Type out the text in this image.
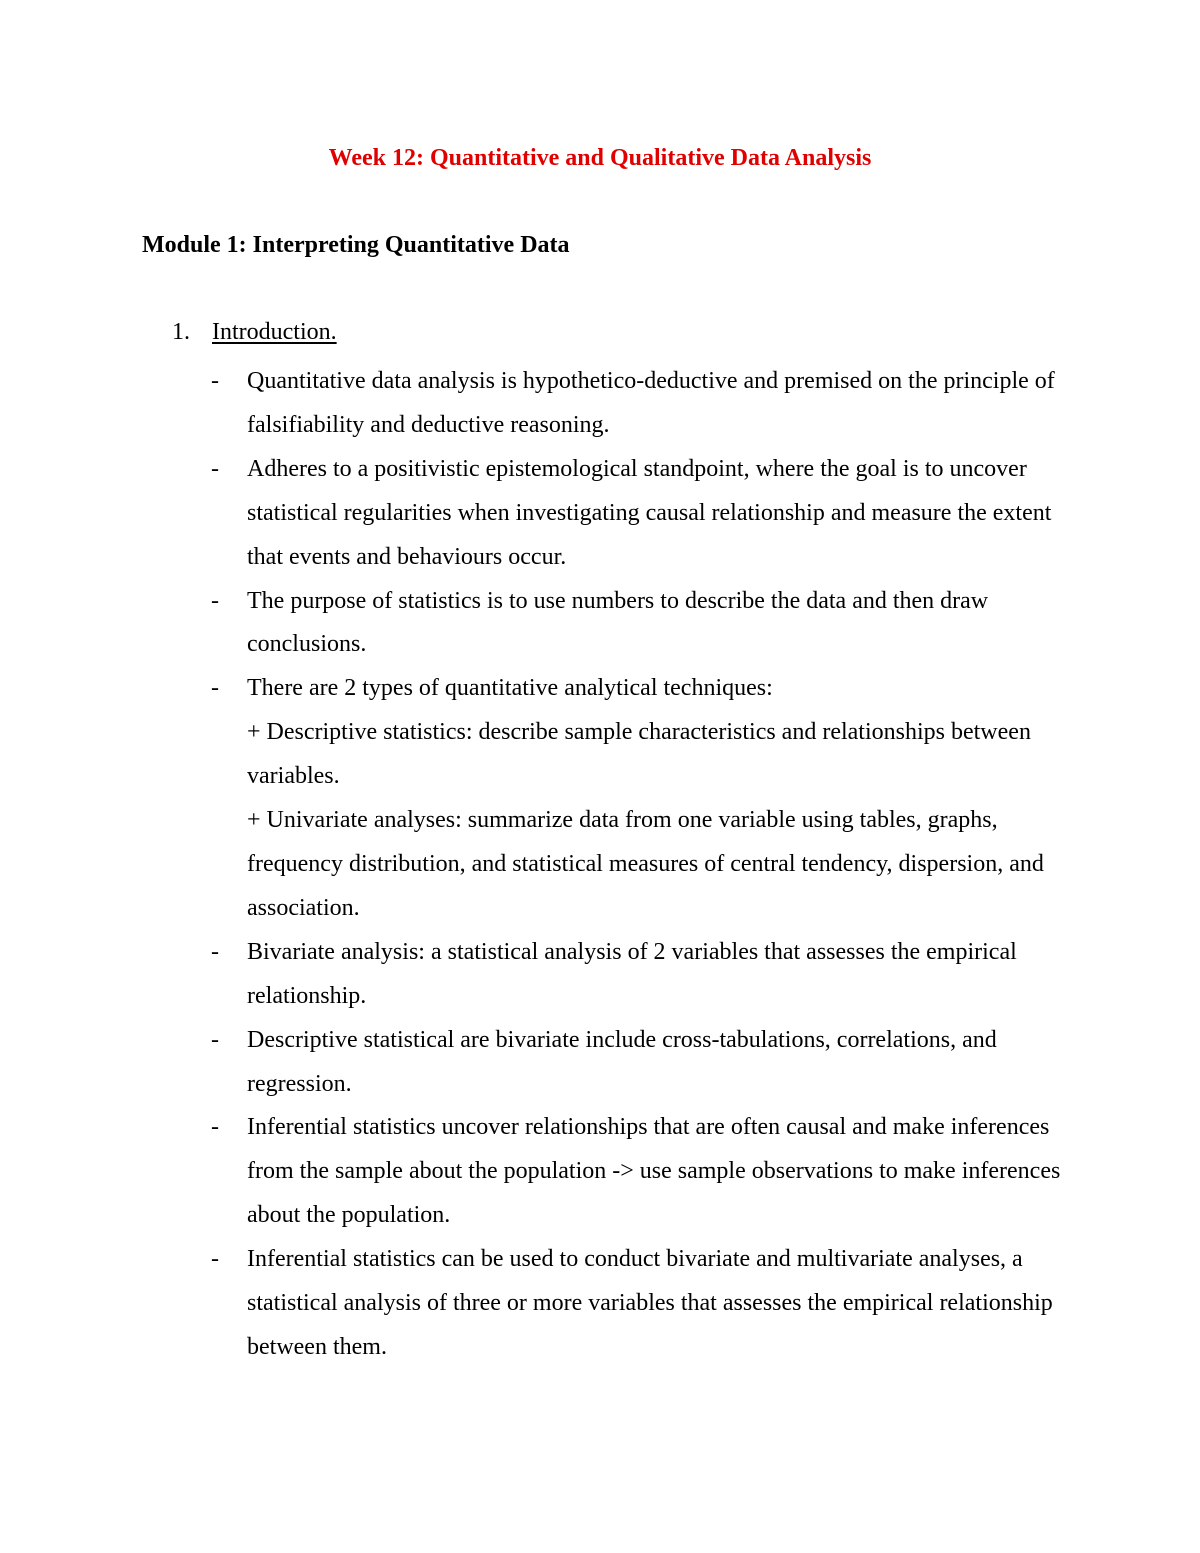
Week 12: Quantitative and Qualitative Data Analysis
Module 1: Interpreting Quantitative Data
1. Introduction.
- Quantitative data analysis is hypothetico-deductive and premised on the principle of falsifiability and deductive reasoning.
- Adheres to a positivistic epistemological standpoint, where the goal is to uncover statistical regularities when investigating causal relationship and measure the extent that events and behaviours occur.
- The purpose of statistics is to use numbers to describe the data and then draw conclusions.
- There are 2 types of quantitative analytical techniques:
+ Descriptive statistics: describe sample characteristics and relationships between variables.
+ Univariate analyses: summarize data from one variable using tables, graphs, frequency distribution, and statistical measures of central tendency, dispersion, and association.
- Bivariate analysis: a statistical analysis of 2 variables that assesses the empirical relationship.
- Descriptive statistical are bivariate include cross-tabulations, correlations, and regression.
- Inferential statistics uncover relationships that are often causal and make inferences from the sample about the population -> use sample observations to make inferences about the population.
- Inferential statistics can be used to conduct bivariate and multivariate analyses, a statistical analysis of three or more variables that assesses the empirical relationship between them.
